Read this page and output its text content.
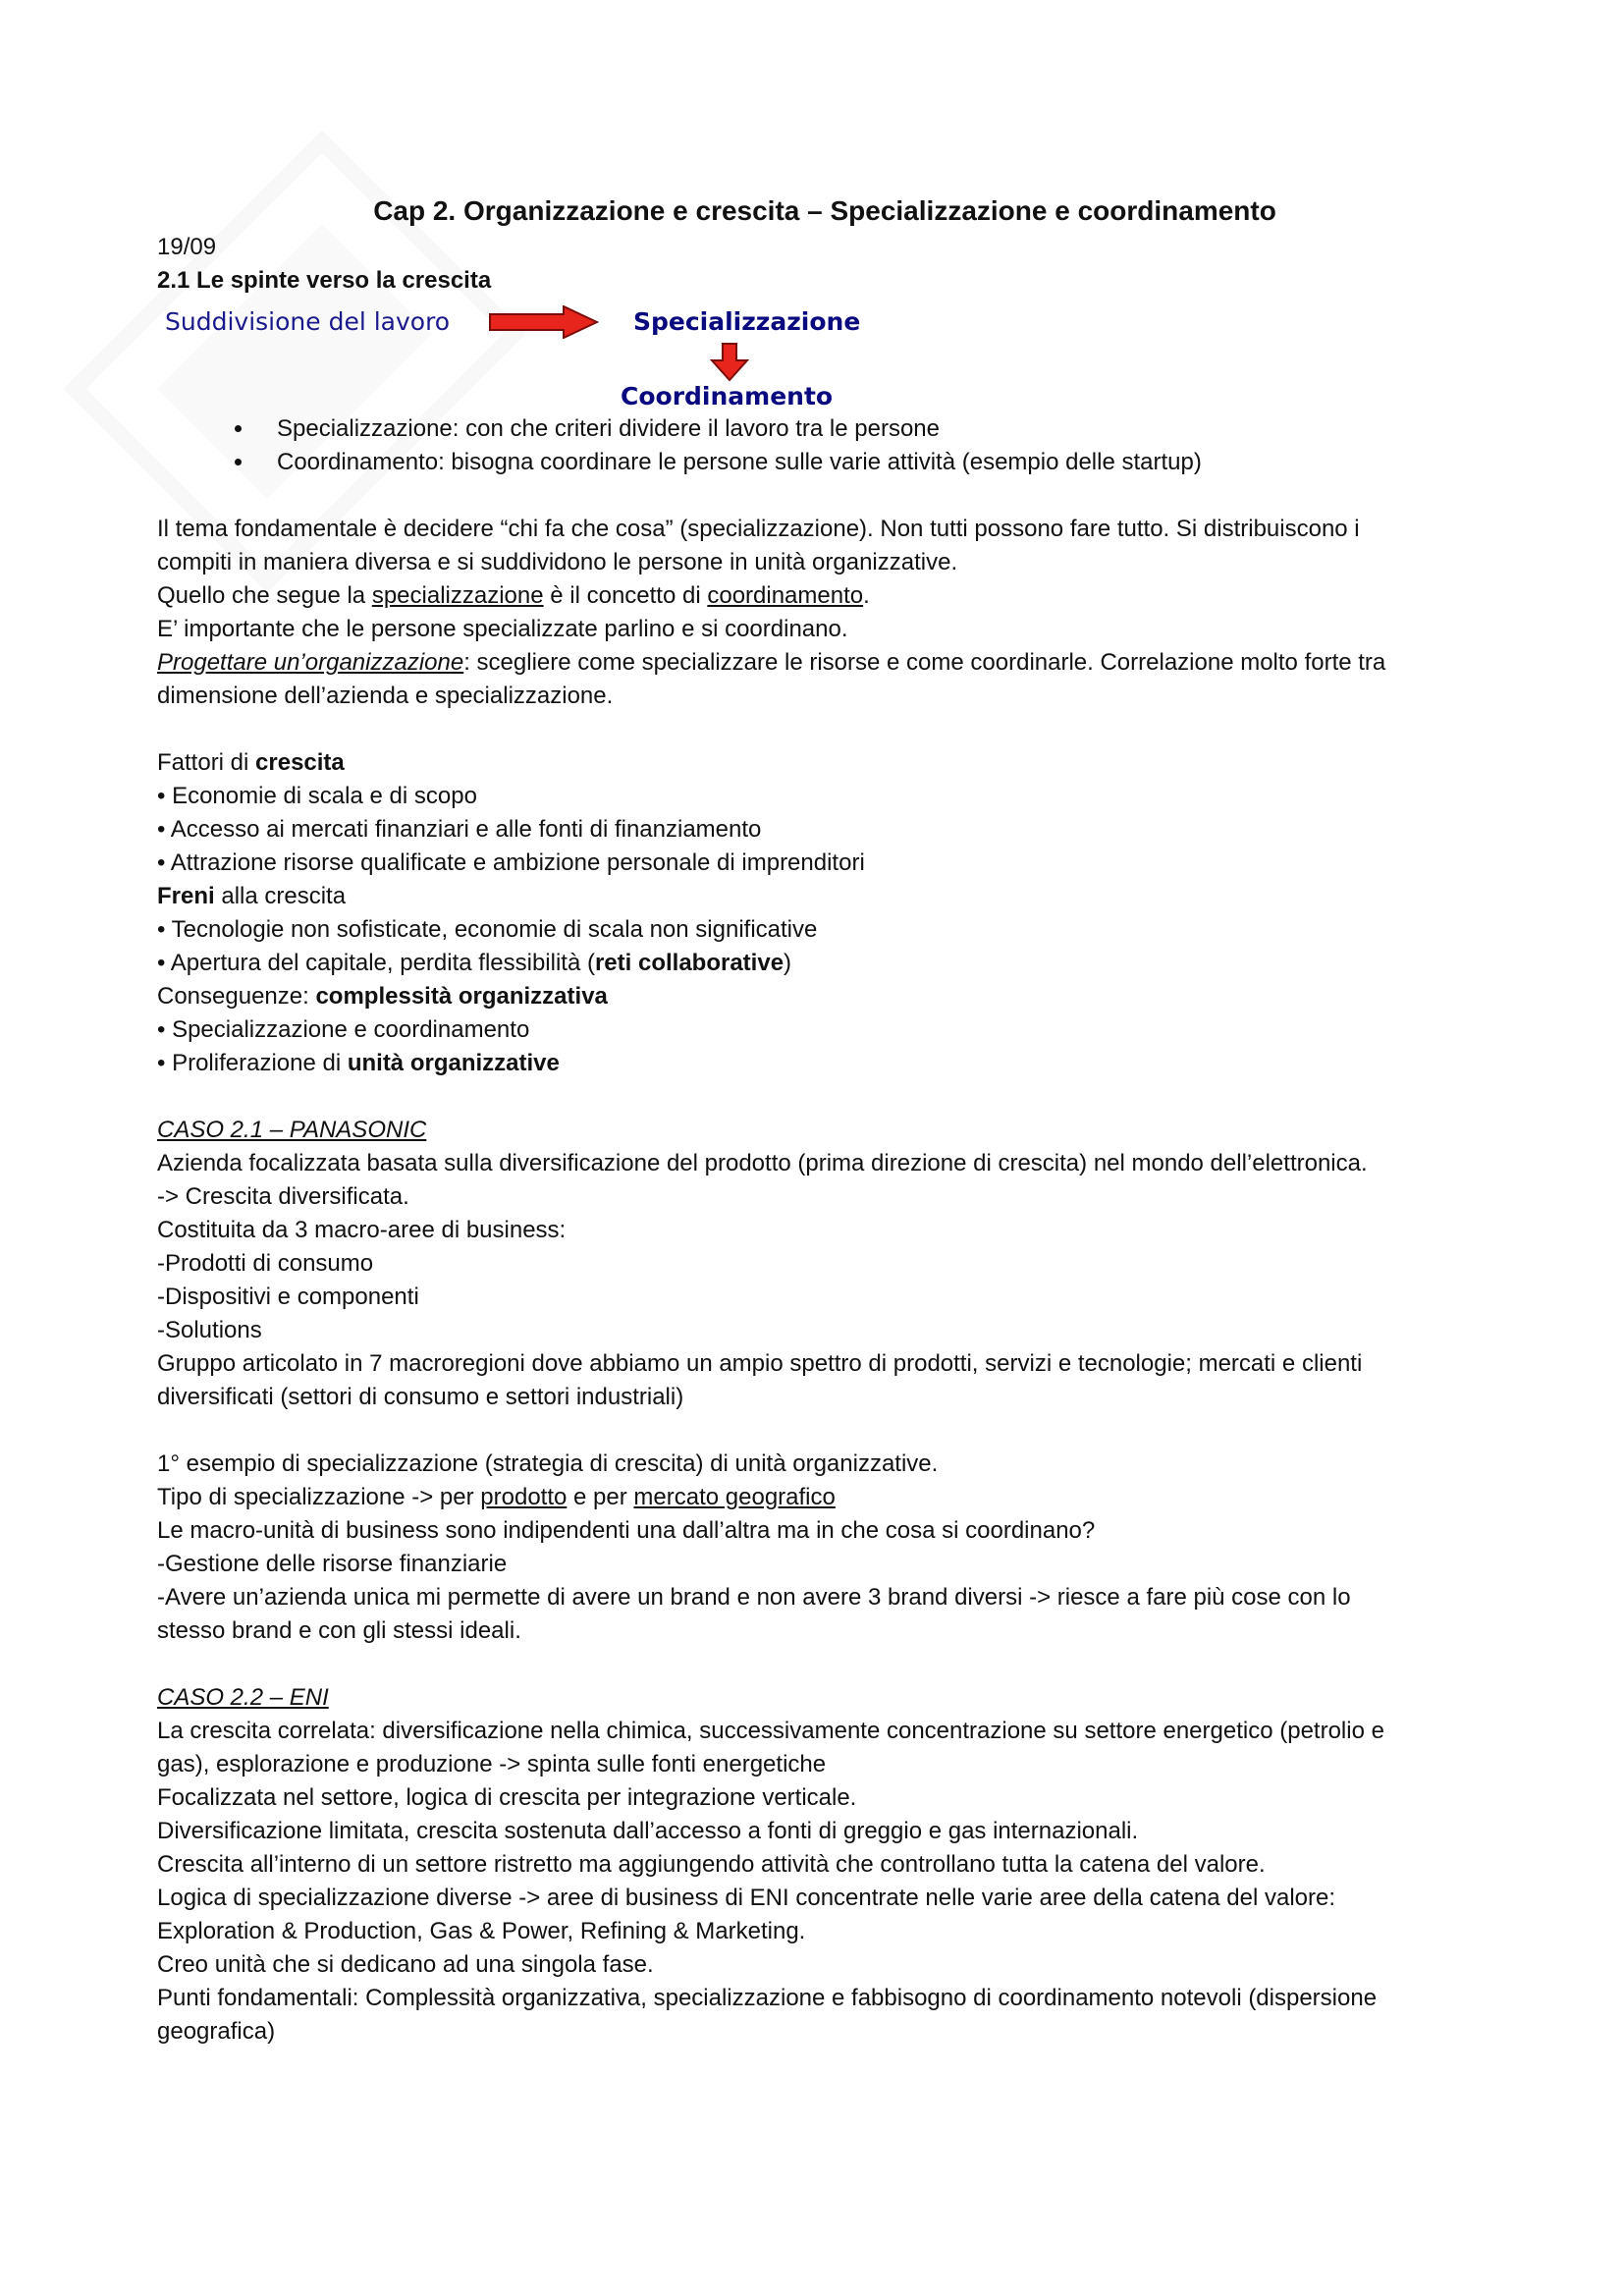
Cap 2. Organizzazione e crescita – Specializzazione e coordinamento
19/09
2.1 Le spinte verso la crescita
Suddivisione del lavoro	Specializzazione
Coordinamento
• Specializzazione: con che criteri dividere il lavoro tra le persone
• Coordinamento: bisogna coordinare le persone sulle varie attività (esempio delle startup)
Il tema fondamentale è decidere “chi fa che cosa” (specializzazione). Non tutti possono fare tutto. Si distribuiscono i
compiti in maniera diversa e si suddividono le persone in unità organizzative.
Quello che segue la specializzazione è il concetto di coordinamento.
E’ importante che le persone specializzate parlino e si coordinano.
Progettare un’organizzazione: scegliere come specializzare le risorse e come coordinarle. Correlazione molto forte tra
dimensione dell’azienda e specializzazione.
Fattori di crescita
• Economie di scala e di scopo
• Accesso ai mercati finanziari e alle fonti di finanziamento
• Attrazione risorse qualificate e ambizione personale di imprenditori
Freni alla crescita
• Tecnologie non sofisticate, economie di scala non significative
• Apertura del capitale, perdita flessibilità (reti collaborative)
Conseguenze: complessità organizzativa
• Specializzazione e coordinamento
• Proliferazione di unità organizzative
CASO 2.1 – PANASONIC
Azienda focalizzata basata sulla diversificazione del prodotto (prima direzione di crescita) nel mondo dell’elettronica.
-> Crescita diversificata.
Costituita da 3 macro-aree di business:
-Prodotti di consumo
-Dispositivi e componenti
-Solutions
Gruppo articolato in 7 macroregioni dove abbiamo un ampio spettro di prodotti, servizi e tecnologie; mercati e clienti
diversificati (settori di consumo e settori industriali)
1° esempio di specializzazione (strategia di crescita) di unità organizzative.
Tipo di specializzazione -> per prodotto e per mercato geografico
Le macro-unità di business sono indipendenti una dall’altra ma in che cosa si coordinano?
-Gestione delle risorse finanziarie
-Avere un’azienda unica mi permette di avere un brand e non avere 3 brand diversi -> riesce a fare più cose con lo
stesso brand e con gli stessi ideali.
CASO 2.2 – ENI
La crescita correlata: diversificazione nella chimica, successivamente concentrazione su settore energetico (petrolio e
gas), esplorazione e produzione -> spinta sulle fonti energetiche
Focalizzata nel settore, logica di crescita per integrazione verticale.
Diversificazione limitata, crescita sostenuta dall’accesso a fonti di greggio e gas internazionali.
Crescita all’interno di un settore ristretto ma aggiungendo attività che controllano tutta la catena del valore.
Logica di specializzazione diverse -> aree di business di ENI concentrate nelle varie aree della catena del valore:
Exploration & Production, Gas & Power, Refining & Marketing.
Creo unità che si dedicano ad una singola fase.
Punti fondamentali: Complessità organizzativa, specializzazione e fabbisogno di coordinamento notevoli (dispersione
geografica)
